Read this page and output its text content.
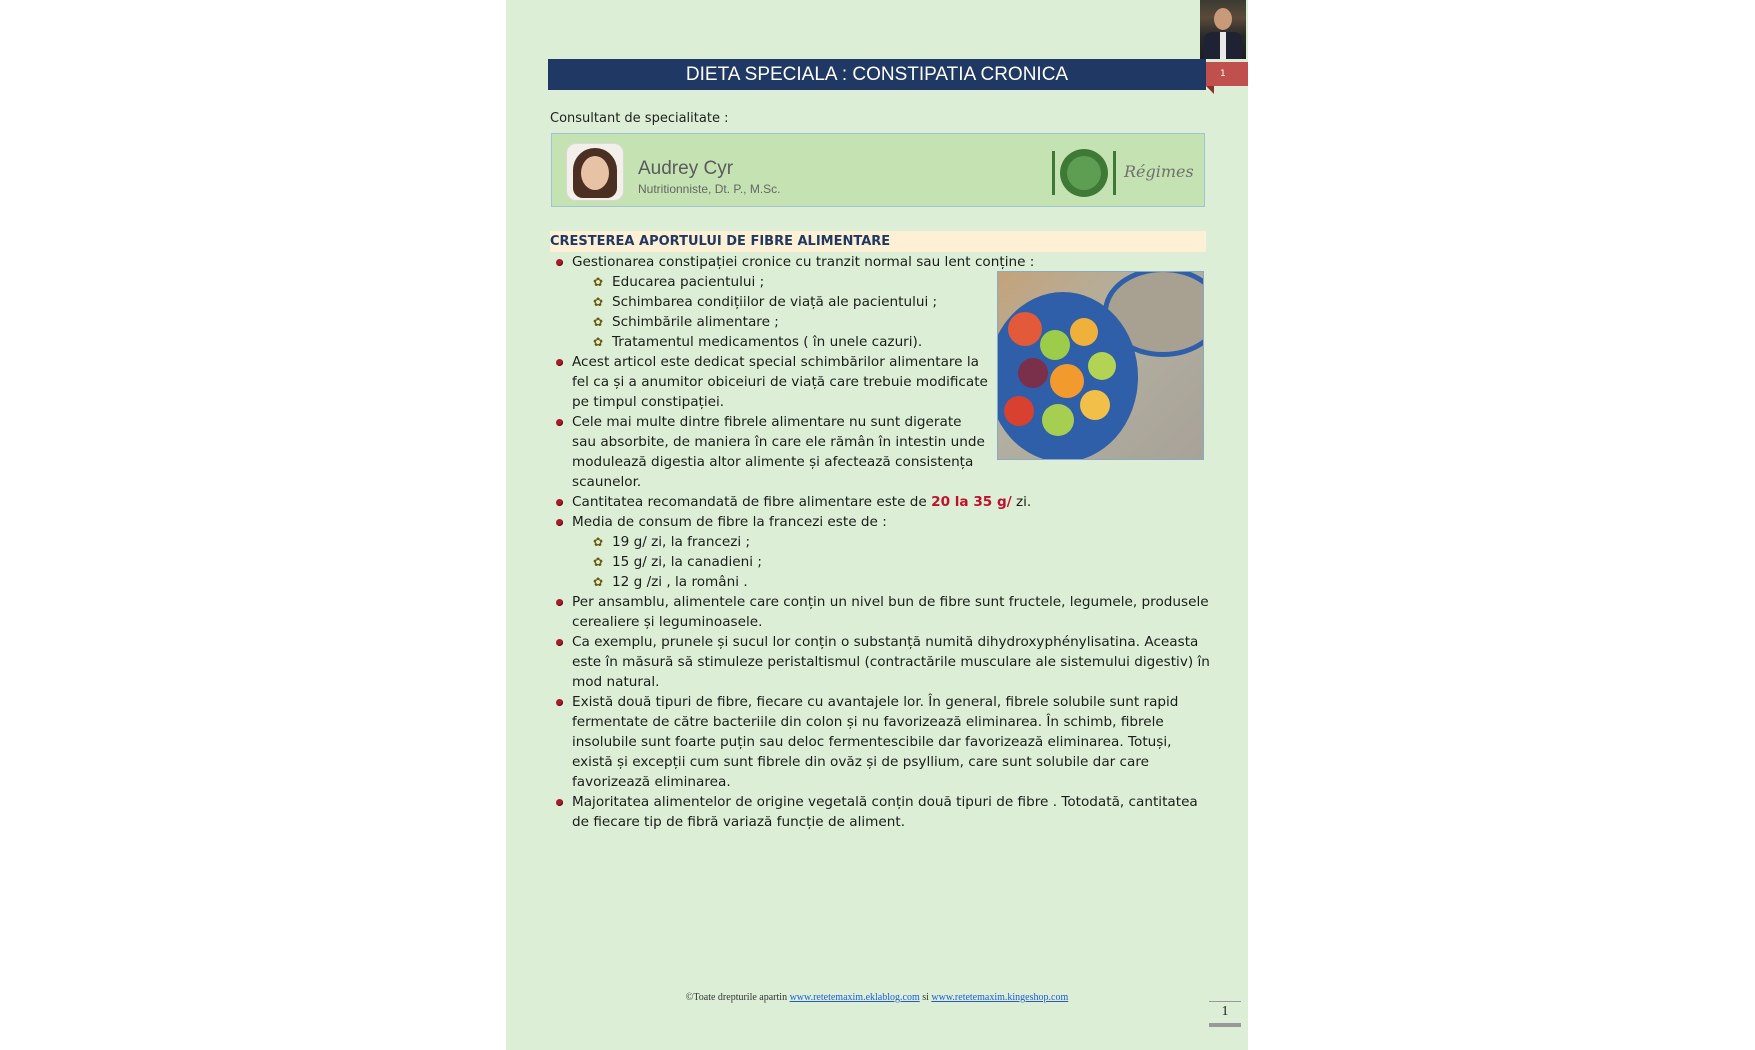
DIETA SPECIALA : CONSTIPATIA CRONICA	1
Consultant de specialitate :
Audrey Cyr
Nutritionniste, Dt. P., M.Sc.
Régimes
CRESTEREA APORTULUI DE FIBRE ALIMENTARE
Gestionarea constipației cronice cu tranzit normal sau lent conține :
✿ Educarea pacientului ;
✿ Schimbarea condițiilor de viață ale pacientului ;
✿ Schimbările alimentare ;
✿ Tratamentul medicamentos ( în unele cazuri).
Acest articol este dedicat special schimbărilor alimentare la
fel ca și a anumitor obiceiuri de viață care trebuie modificate
pe timpul constipației.
Cele mai multe dintre fibrele alimentare nu sunt digerate
sau absorbite, de maniera în care ele rămân în intestin unde
modulează digestia altor alimente și afectează consistența
scaunelor.
Cantitatea recomandată de fibre alimentare este de 20 la 35 g/ zi.
Media de consum de fibre la francezi este de :
✿ 19 g/ zi, la francezi ;
✿ 15 g/ zi, la canadieni ;
✿ 12 g /zi , la români .
Per ansamblu, alimentele care conțin un nivel bun de fibre sunt fructele, legumele, produsele
cerealiere și leguminoasele.
Ca exemplu, prunele și sucul lor conțin o substanță numită dihydroxyphénylisatina. Aceasta
este în măsură să stimuleze peristaltismul (contractările musculare ale sistemului digestiv) în
mod natural.
Există două tipuri de fibre, fiecare cu avantajele lor. În general, fibrele solubile sunt rapid
fermentate de către bacteriile din colon și nu favorizează eliminarea. În schimb, fibrele
insolubile sunt foarte puțin sau deloc fermentescibile dar favorizează eliminarea. Totuși,
există și excepții cum sunt fibrele din ovăz și de psyllium, care sunt solubile dar care
favorizează eliminarea.
Majoritatea alimentelor de origine vegetală conțin două tipuri de fibre . Totodată, cantitatea
de fiecare tip de fibră variază funcție de aliment.
©Toate drepturile apartin www.retetemaxim.eklablog.com si www.retetemaxim.kingeshop.com
1
